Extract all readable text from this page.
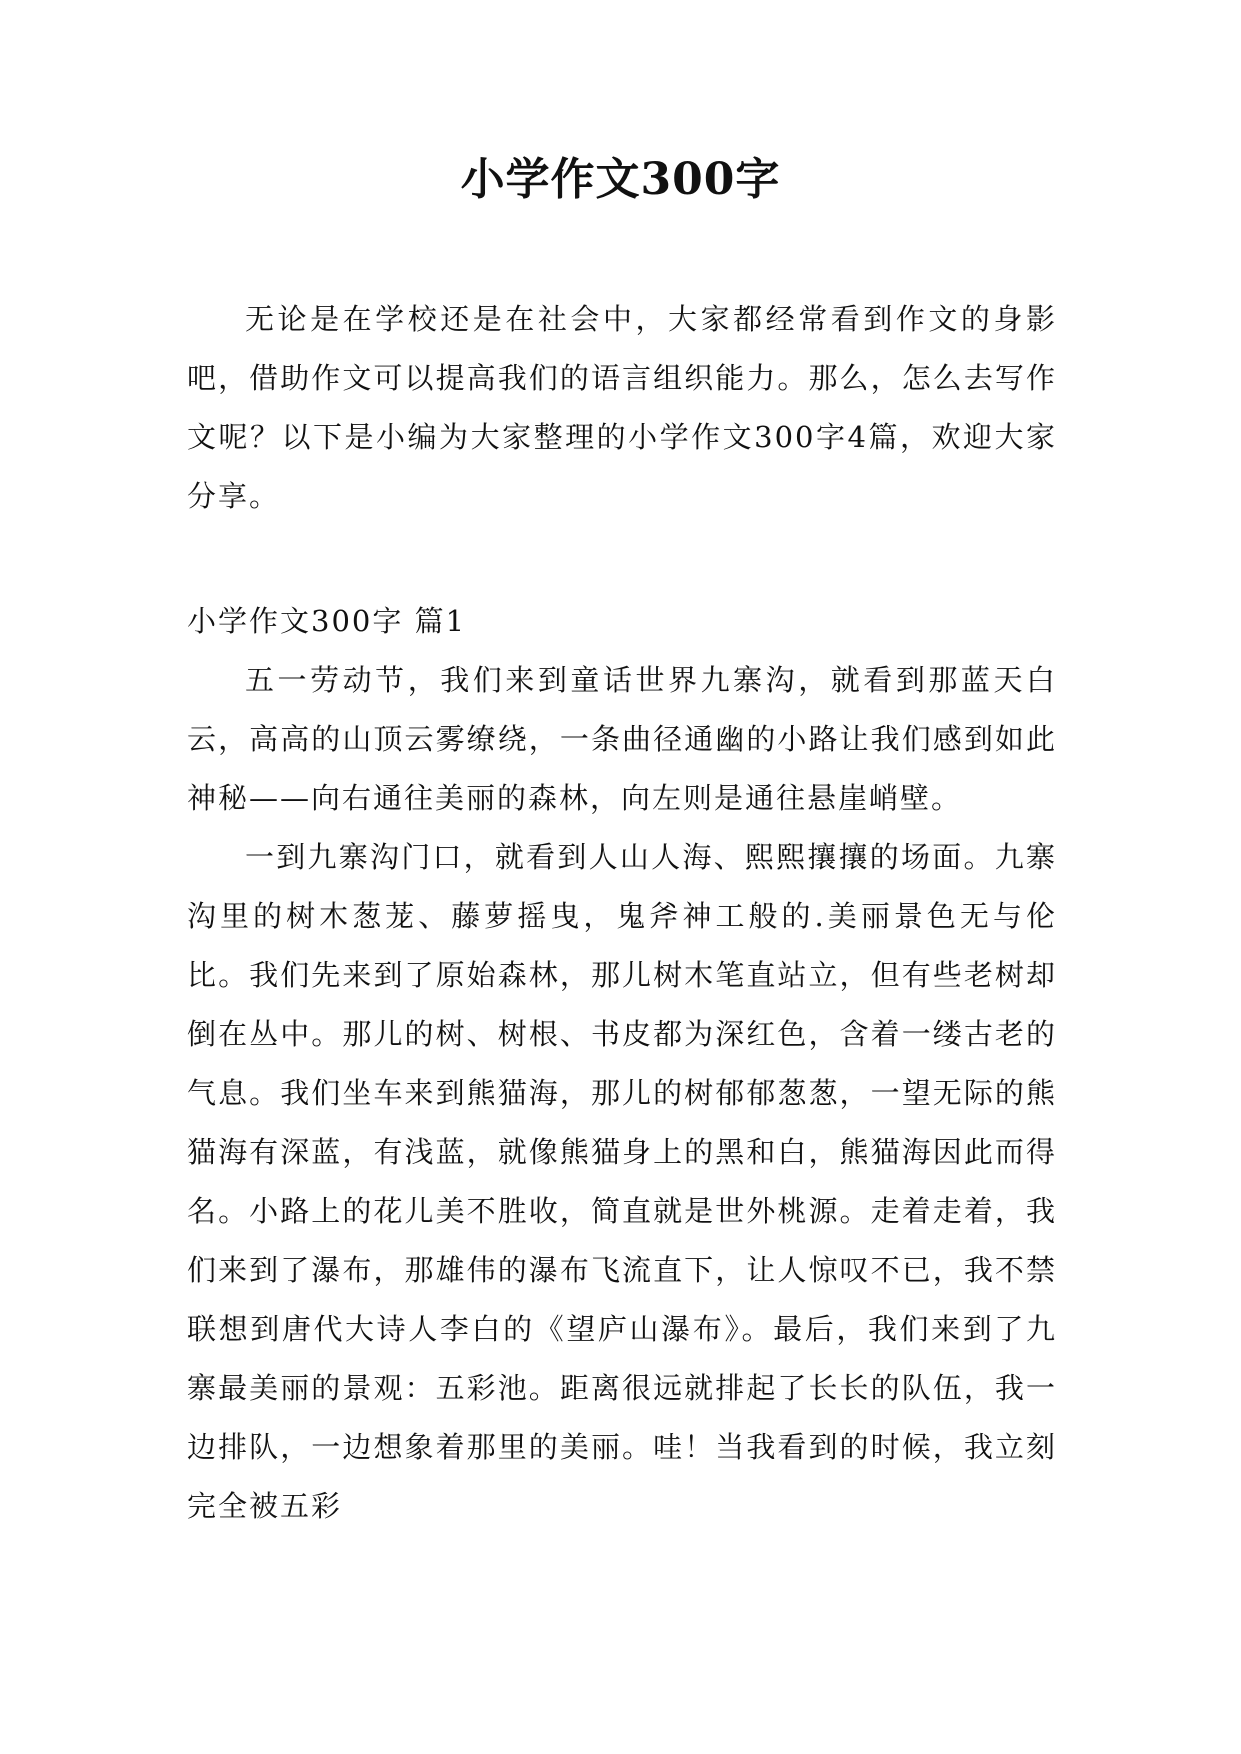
小学作文300字

无论是在学校还是在社会中，大家都经常看到作文的身影吧，借助作文可以提高我们的语言组织能力。那么，怎么去写作文呢？以下是小编为大家整理的小学作文300字4篇，欢迎大家分享。

小学作文300字 篇1

五一劳动节，我们来到童话世界九寨沟，就看到那蓝天白云，高高的山顶云雾缭绕，一条曲径通幽的小路让我们感到如此神秘——向右通往美丽的森林，向左则是通往悬崖峭壁。

一到九寨沟门口，就看到人山人海、熙熙攘攘的场面。九寨沟里的树木葱茏、藤萝摇曳，鬼斧神工般的.美丽景色无与伦比。我们先来到了原始森林，那儿树木笔直站立，但有些老树却倒在丛中。那儿的树、树根、书皮都为深红色，含着一缕古老的气息。我们坐车来到熊猫海，那儿的树郁郁葱葱，一望无际的熊猫海有深蓝，有浅蓝，就像熊猫身上的黑和白，熊猫海因此而得名。小路上的花儿美不胜收，简直就是世外桃源。走着走着，我们来到了瀑布，那雄伟的瀑布飞流直下，让人惊叹不已，我不禁联想到唐代大诗人李白的《望庐山瀑布》。最后，我们来到了九寨最美丽的景观：五彩池。距离很远就排起了长长的队伍，我一边排队，一边想象着那里的美丽。哇！当我看到的时候，我立刻完全被五彩
